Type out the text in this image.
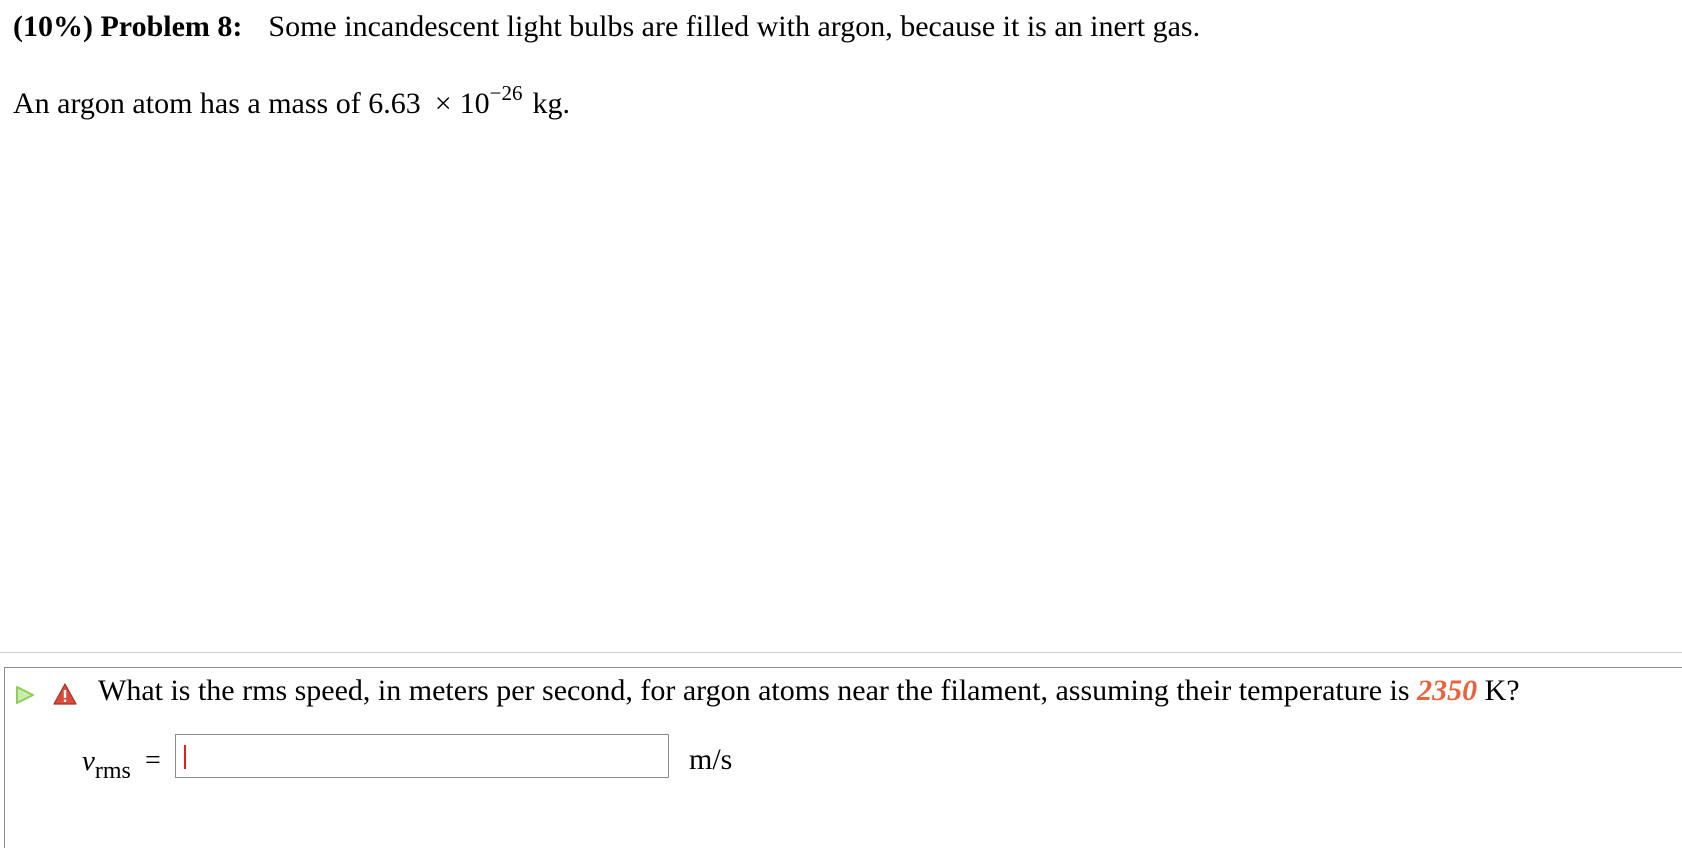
(10%) Problem 8: Some incandescent light bulbs are filled with argon, because it is an inert gas.
An argon atom has a mass of $6.63 \times 10^{-26}$ kg.
What is the rms speed, in meters per second, for argon atoms near the filament, assuming their temperature is 2350 K?
$v_{rms}$ =	m/s
